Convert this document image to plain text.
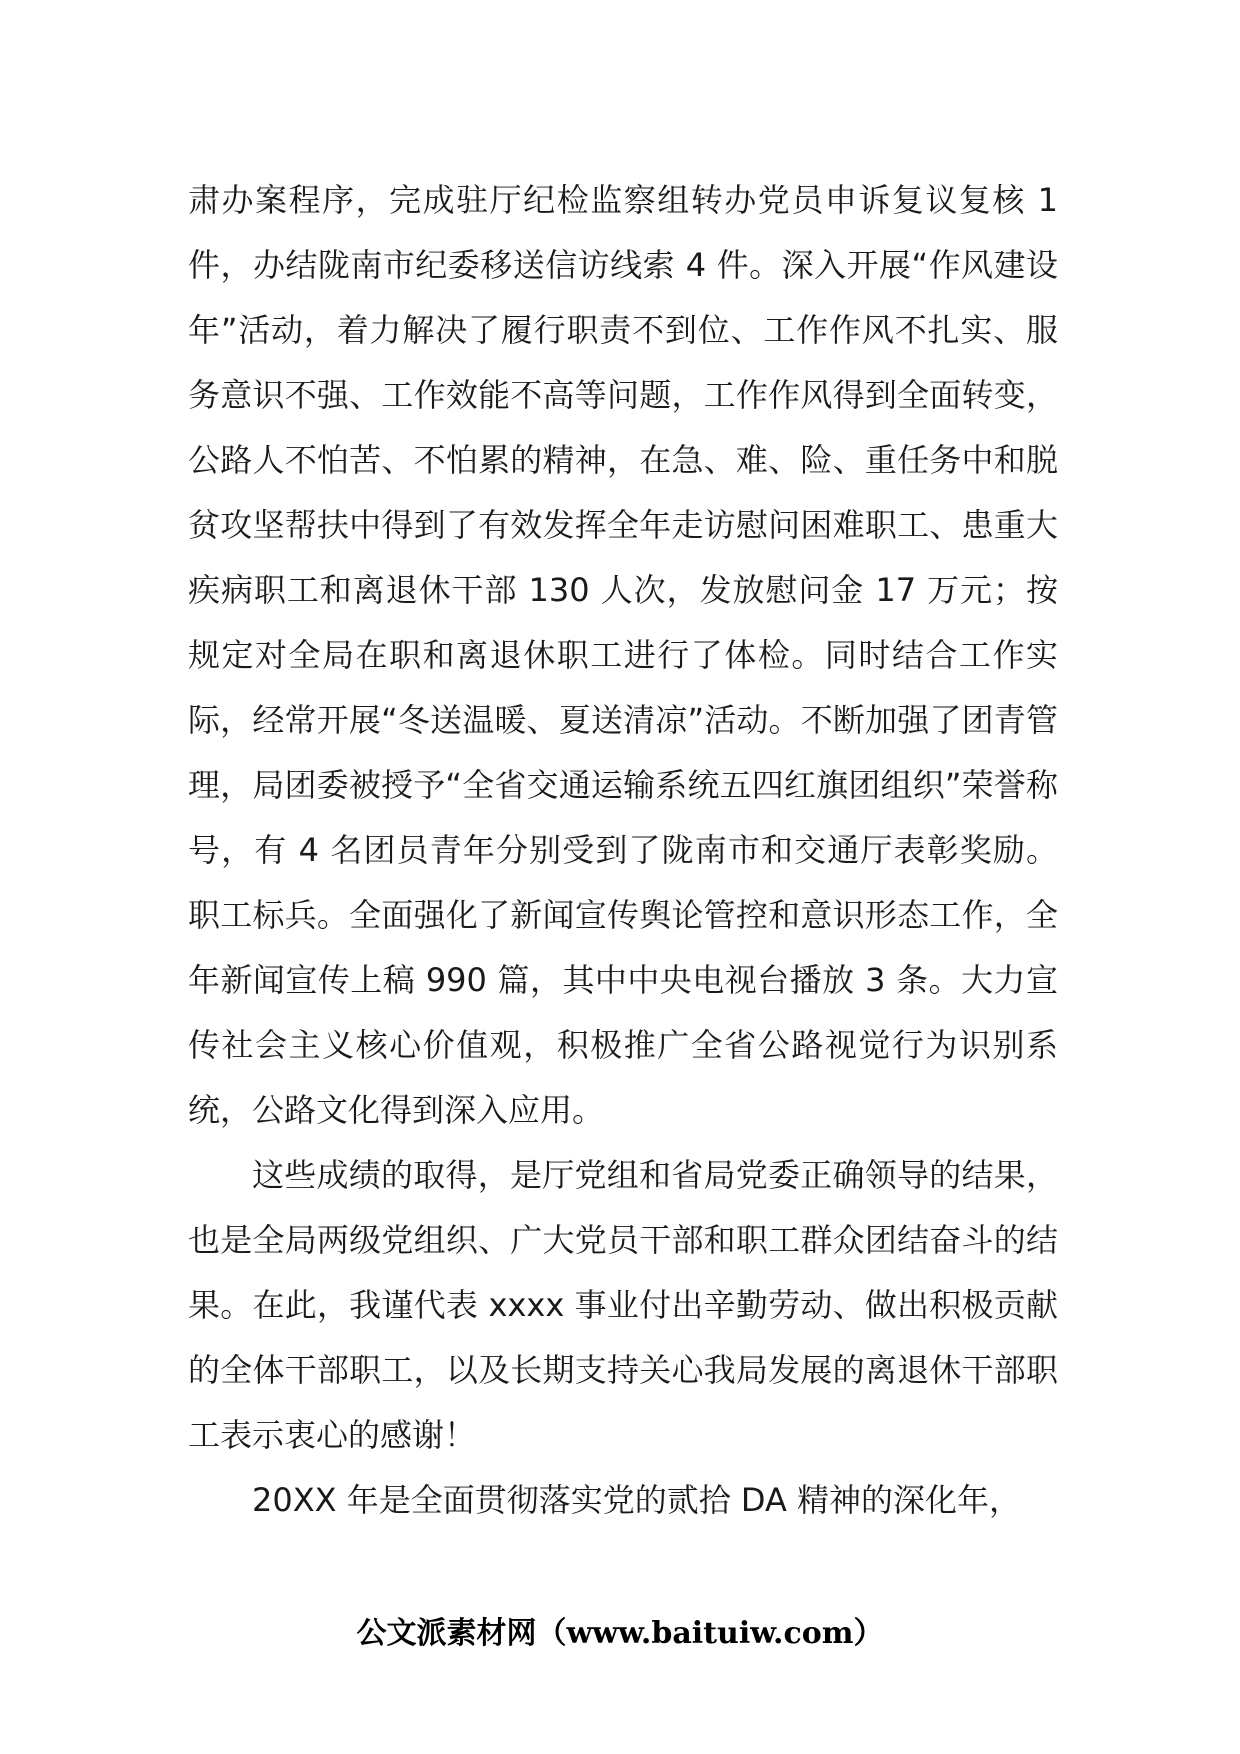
肃办案程序，完成驻厅纪检监察组转办党员申诉复议复核 1 件，办结陇南市纪委移送信访线索 4 件。深入开展“作风建设年”活动，着力解决了履行职责不到位、工作作风不扎实、服务意识不强、工作效能不高等问题，工作作风得到全面转变，公路人不怕苦、不怕累的精神，在急、难、险、重任务中和脱贫攻坚帮扶中得到了有效发挥全年走访慰问困难职工、患重大疾病职工和离退休干部 130 人次，发放慰问金 17 万元；按规定对全局在职和离退休职工进行了体检。同时结合工作实际，经常开展“冬送温暖、夏送清凉”活动。不断加强了团青管理，局团委被授予“全省交通运输系统五四红旗团组织”荣誉称号，有 4 名团员青年分别受到了陇南市和交通厅表彰奖励。职工标兵。全面强化了新闻宣传舆论管控和意识形态工作，全年新闻宣传上稿 990 篇，其中中央电视台播放 3 条。大力宣传社会主义核心价值观，积极推广全省公路视觉行为识别系统，公路文化得到深入应用。

这些成绩的取得，是厅党组和省局党委正确领导的结果，也是全局两级党组织、广大党员干部和职工群众团结奋斗的结果。在此，我谨代表 xxxx 事业付出辛勤劳动、做出积极贡献的全体干部职工，以及长期支持关心我局发展的离退休干部职工表示衷心的感谢！

20XX 年是全面贯彻落实党的贰拾 DA 精神的深化年，

公文派素材网（www.baituiw.com）
